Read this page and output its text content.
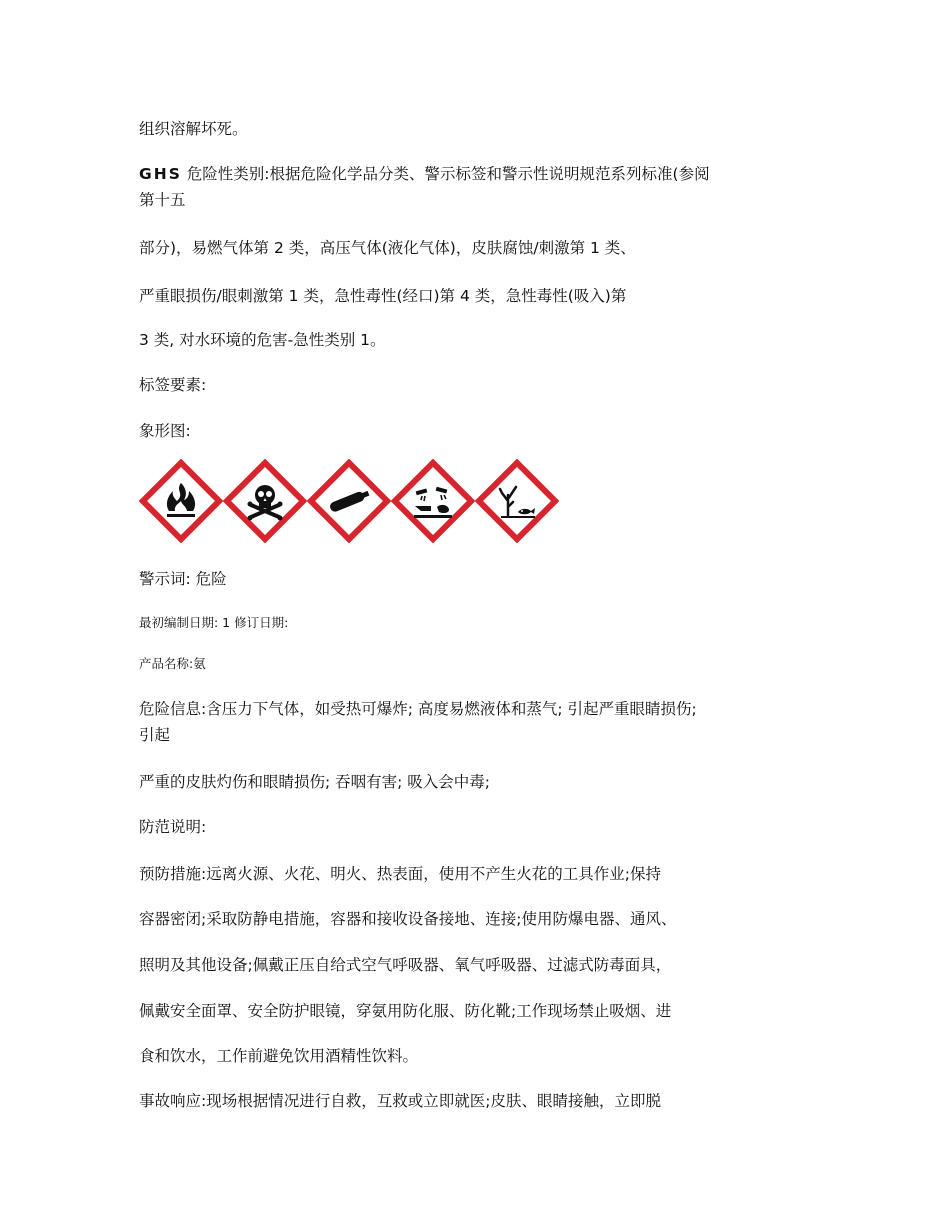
组织溶解坏死。
GHS 危险性类别:根据危险化学品分类、警示标签和警示性说明规范系列标准(参阅
第十五
部分)，易燃气体第 2 类，高压气体(液化气体)，皮肤腐蚀/刺激第 1 类、
严重眼损伤/眼刺激第 1 类，急性毒性(经口)第 4 类，急性毒性(吸入)第
3 类, 对水环境的危害-急性类别 1。
标签要素:
象形图:
警示词: 危险
最初编制日期: 1 修订日期:
产品名称:氨
危险信息:含压力下气体，如受热可爆炸; 高度易燃液体和蒸气; 引起严重眼睛损伤;
引起
严重的皮肤灼伤和眼睛损伤; 吞咽有害; 吸入会中毒;
防范说明:
预防措施:远离火源、火花、明火、热表面，使用不产生火花的工具作业;保持
容器密闭;采取防静电措施，容器和接收设备接地、连接;使用防爆电器、通风、
照明及其他设备;佩戴正压自给式空气呼吸器、氧气呼吸器、过滤式防毒面具，
佩戴安全面罩、安全防护眼镜，穿氨用防化服、防化靴;工作现场禁止吸烟、进
食和饮水，工作前避免饮用酒精性饮料。
事故响应:现场根据情况进行自救，互救或立即就医;皮肤、眼睛接触，立即脱
